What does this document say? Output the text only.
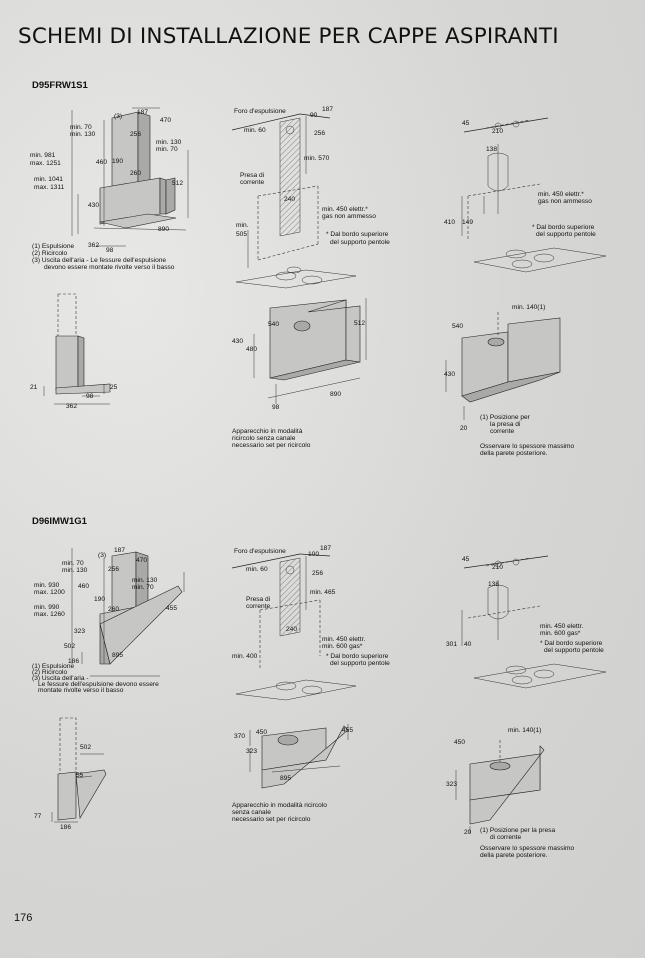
SCHEMI DI INSTALLAZIONE PER CAPPE ASPIRANTI
D95FRW1S1
D96IMW1G1
176
187
(3)
470
min. 70
min. 130	256
min. 130
min. 70
min. 981
max. 1251	460 190
260
min. 1041
max. 1311
512
430
890
362
98
(1) Espulsione
(2) Ricircolo
(3) Uscita dell'aria - Le fessure dell'espulsione
devono essere montate rivolte verso il basso
Foro d'espulsione
90
187
min. 60	256
min. 570
Presa di
corrente
240
min. 450 elettr.*
gas non ammesso
min.
505	* Dal bordo superiore
del supporto pentole
45
210
138
min. 450 elettr.*
gas non ammesso
410 149
* Dal bordo superiore
del supporto pentole
21	25
98
362
540	512
430
480
98
890
Apparecchio in modalità
ricircolo senza canale
necessario set per ricircolo
min. 140(1)
540
430
20
(1) Posizione per
la presa di
corrente
Osservare lo spessore massimo
della parete posteriore.
187
(3)
470
min. 70
min. 130	256
min. 130
min. 70
min. 930
max. 1200
460
190
260
min. 990
max. 1260
455
323
502
895
186
(1) Espulsione
(2) Ricircolo
(3) Uscita dell'aria -
Le fessure dell'espulsione devono essere
montate rivolte verso il basso
Foro d'espulsione	100
187
min. 60
256
min. 465
Presa di
corrente
240
min. 450 elettr.
min. 600 gas*
* Dal bordo superiore
del supporto pentole
min. 400
45
210
138
min. 450 elettr.
min. 600 gas*
301 40	* Dal bordo superiore
del supporto pentole
502
55
77
186
370
450	455
323
895
Apparecchio in modalità ricircolo
senza canale
necessario set per ricircolo
min. 140(1)
450
323
20 (1) Posizione per la presa
di corrente
Osservare lo spessore massimo
della parete posteriore.
